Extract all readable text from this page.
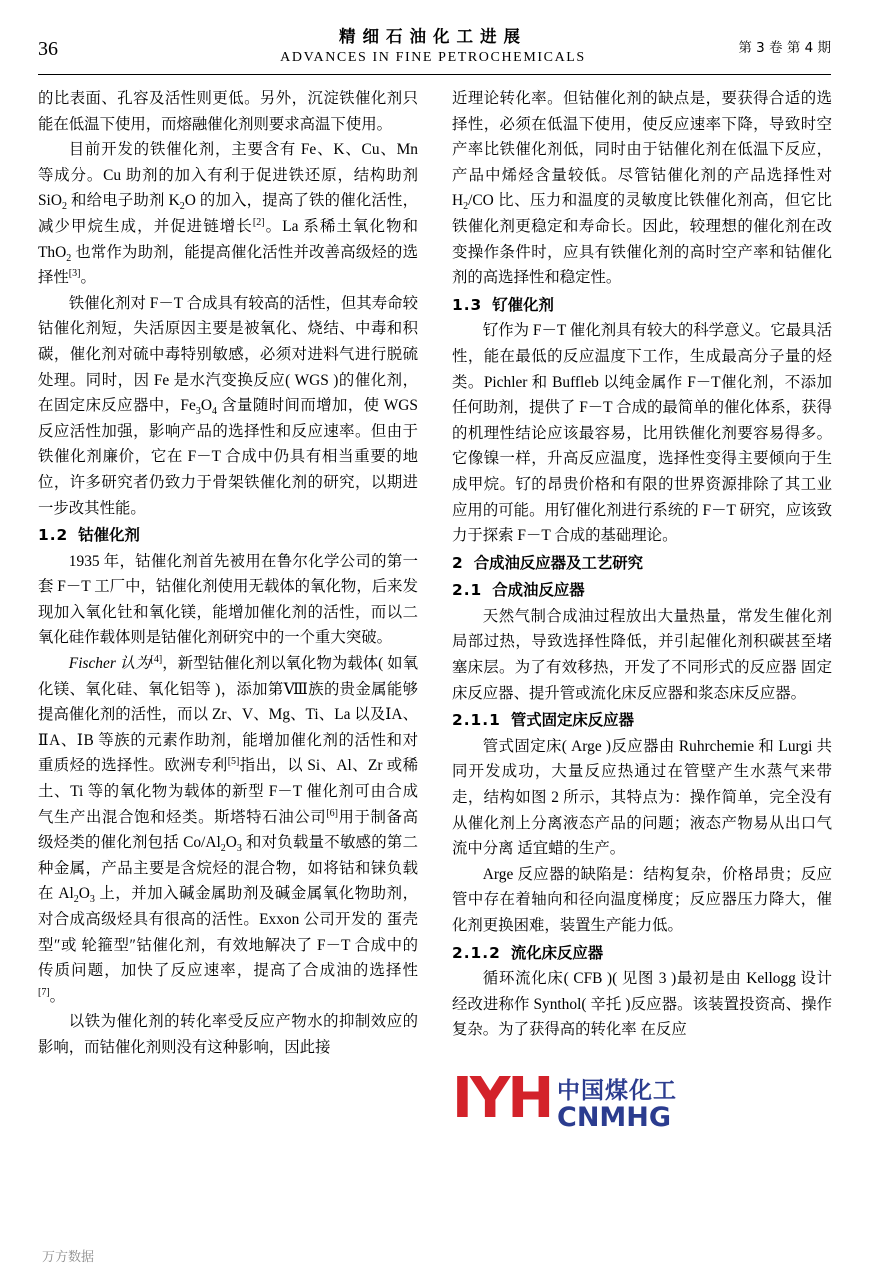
36
精细石油化工进展
ADVANCES IN FINE PETROCHEMICALS
第 3 卷 第 4 期

的比表面、孔容及活性则更低。另外，沉淀铁催化剂只能在低温下使用，而熔融催化剂则要求高温下使用。

目前开发的铁催化剂，主要含有 Fe、K、Cu、Mn 等成分。Cu 助剂的加入有利于促进铁还原，结构助剂 SiO$_2$ 和给电子助剂 $K_2O$ 的加入，提高了铁的催化活性，减少甲烷生成，并促进链增长[2]。La 系稀土氧化物和 ThO$_2$ 也常作为助剂，能提高催化活性并改善高级烃的选择性[3]。

铁催化剂对 F－T 合成具有较高的活性，但其寿命较钴催化剂短，失活原因主要是被氧化、烧结、中毒和积碳，催化剂对硫中毒特别敏感，必须对进料气进行脱硫处理。同时，因 Fe 是水汽变换反应( WGS )的催化剂，在固定床反应器中，$Fe_3O_4$ 含量随时间而增加，使 WGS 反应活性加强，影响产品的选择性和反应速率。但由于铁催化剂廉价，它在 F－T 合成中仍具有相当重要的地位，许多研究者仍致力于骨架铁催化剂的研究，以期进一步改其性能。

1.2 钴催化剂

1935 年，钴催化剂首先被用在鲁尔化学公司的第一套 F－T 工厂中，钴催化剂使用无载体的氧化物，后来发现加入氧化钍和氧化镁，能增加催化剂的活性，而以二氧化硅作载体则是钴催化剂研究中的一个重大突破。

Fischer 认为[4]，新型钴催化剂以氧化物为载体( 如氧化镁、氧化硅、氧化铝等 )，添加第Ⅷ族的贵金属能够提高催化剂的活性，而以 Zr、V、Mg、Ti、La 以及ⅠA、ⅡA、ⅠB 等族的元素作助剂，能增加催化剂的活性和对重质烃的选择性。欧洲专利[5]指出，以 Si、Al、Zr 或稀土、Ti 等的氧化物为载体的新型 F－T 催化剂可由合成气生产出混合饱和烃类。斯塔特石油公司[6]用于制备高级烃类的催化剂包括 $Co/Al_2O_3$ 和对负载量不敏感的第二种金属，产品主要是含烷烃的混合物，如将钴和铼负载在 $Al_2O_3$ 上，并加入碱金属助剂及碱金属氧化物助剂，对合成高级烃具有很高的活性。Exxon 公司开发的 蛋壳型″或 轮箍型″钴催化剂，有效地解决了 F－T 合成中的传质问题，加快了反应速率，提高了合成油的选择性[7]。

以铁为催化剂的转化率受反应产物水的抑制效应的影响，而钴催化剂则没有这种影响，因此接

近理论转化率。但钴催化剂的缺点是，要获得合适的选择性，必须在低温下使用，使反应速率下降，导致时空产率比铁催化剂低，同时由于钴催化剂在低温下反应，产品中烯烃含量较低。尽管钴催化剂的产品选择性对 $H_2/CO$ 比、压力和温度的灵敏度比铁催化剂高，但它比铁催化剂更稳定和寿命长。因此，较理想的催化剂在改变操作条件时，应具有铁催化剂的高时空产率和钴催化剂的高选择性和稳定性。

1.3 钌催化剂

钌作为 F－T 催化剂具有较大的科学意义。它最具活性，能在最低的反应温度下工作，生成最高分子量的烃类。Pichler 和 Buffleb 以纯金属作 F－T催化剂，不添加任何助剂，提供了 F－T 合成的最简单的催化体系，获得的机理性结论应该最容易，比用铁催化剂要容易得多。它像镍一样，升高反应温度，选择性变得主要倾向于生成甲烷。钌的昂贵价格和有限的世界资源排除了其工业应用的可能。用钌催化剂进行系统的 F－T 研究，应该致力于探索 F－T 合成的基础理论。

2 合成油反应器及工艺研究

2.1 合成油反应器

天然气制合成油过程放出大量热量，常发生催化剂局部过热，导致选择性降低，并引起催化剂积碳甚至堵塞床层。为了有效移热，开发了不同形式的反应器 固定床反应器、提升管或流化床反应器和浆态床反应器。

2.1.1 管式固定床反应器

管式固定床( Arge )反应器由 Ruhrchemie 和 Lurgi 共同开发成功，大量反应热通过在管壁产生水蒸气来带走，结构如图 2 所示，其特点为：操作简单，完全没有从催化剂上分离液态产品的问题；液态产物易从出口气流中分离 适宜蜡的生产。

Arge 反应器的缺陷是：结构复杂，价格昂贵；反应管中存在着轴向和径向温度梯度；反应器压力降大，催化剂更换困难，装置生产能力低。

2.1.2 流化床反应器

循环流化床( CFB )( 见图 3 )最初是由 Kellogg 设计 经改进称作 Synthol( 辛托 )反应器。该装置投资高、操作复杂。为了获得高的转化率 在反应

IYH 中国煤化工
CNMHG
万方数据
